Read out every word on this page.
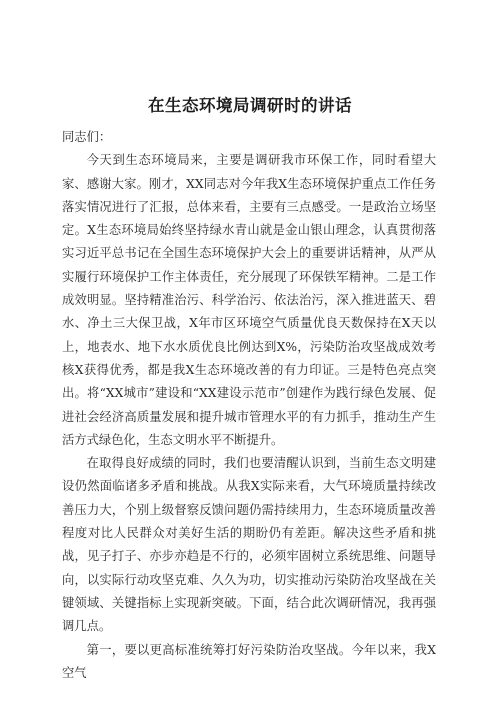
在生态环境局调研时的讲话

同志们：

今天到生态环境局来，主要是调研我市环保工作，同时看望大家、感谢大家。刚才，XX同志对今年我X生态环境保护重点工作任务落实情况进行了汇报，总体来看，主要有三点感受。一是政治立场坚定。X生态环境局始终坚持绿水青山就是金山银山理念，认真贯彻落实习近平总书记在全国生态环境保护大会上的重要讲话精神，从严从实履行环境保护工作主体责任，充分展现了环保铁军精神。二是工作成效明显。坚持精准治污、科学治污、依法治污，深入推进蓝天、碧水、净土三大保卫战，X年市区环境空气质量优良天数保持在X天以上，地表水、地下水水质优良比例达到X%，污染防治攻坚战成效考核X获得优秀，都是我X生态环境改善的有力印证。三是特色亮点突出。将“XX城市”建设和“XX建设示范市”创建作为践行绿色发展、促进社会经济高质量发展和提升城市管理水平的有力抓手，推动生产生活方式绿色化，生态文明水平不断提升。

在取得良好成绩的同时，我们也要清醒认识到，当前生态文明建设仍然面临诸多矛盾和挑战。从我X实际来看，大气环境质量持续改善压力大，个别上级督察反馈问题仍需持续用力，生态环境质量改善程度对比人民群众对美好生活的期盼仍有差距。解决这些矛盾和挑战，见子打子、亦步亦趋是不行的，必须牢固树立系统思维、问题导向，以实际行动攻坚克难、久久为功，切实推动污染防治攻坚战在关键领域、关键指标上实现新突破。下面，结合此次调研情况，我再强调几点。

第一，要以更高标准统筹打好污染防治攻坚战。今年以来，我X空气
